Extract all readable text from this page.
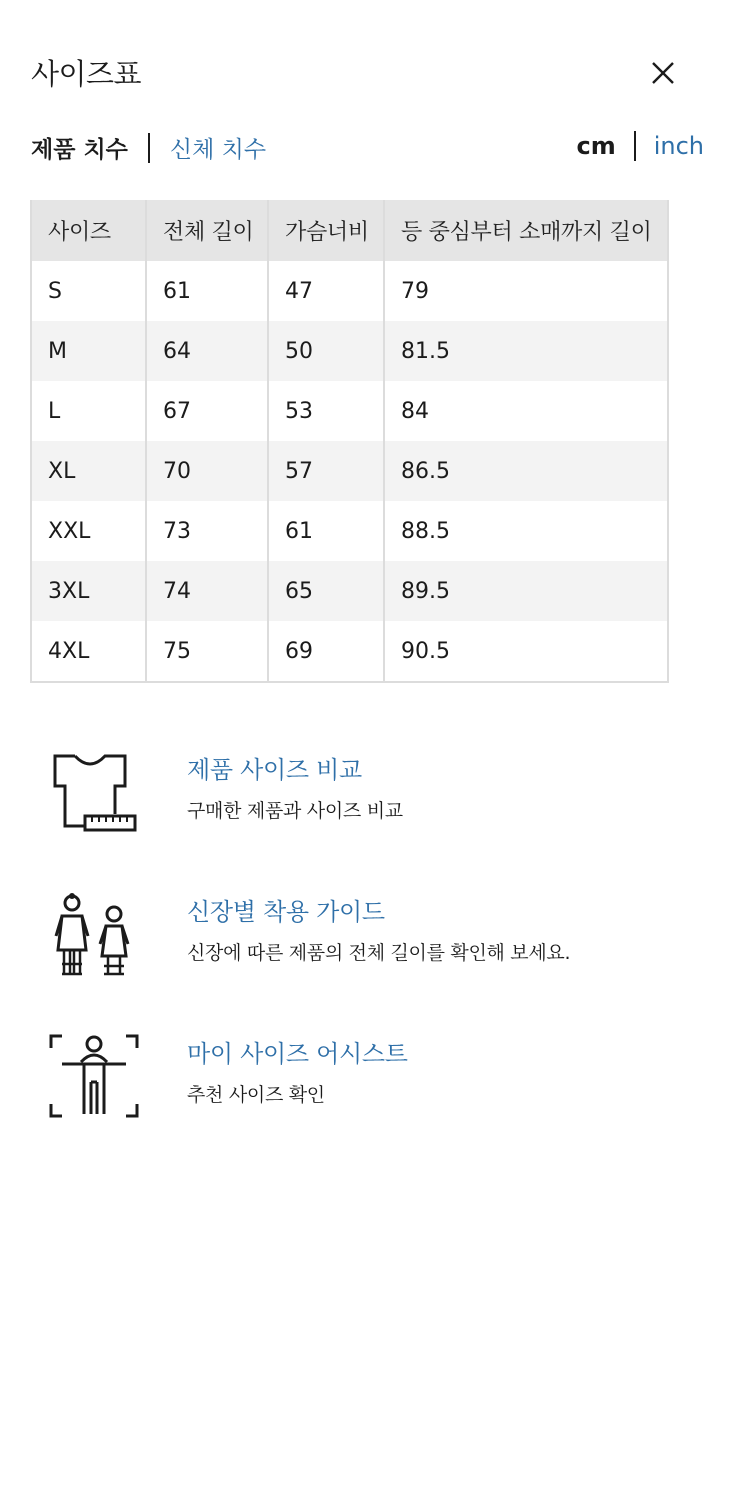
사이즈표
제품 치수 신체 치수	cm inch
사이즈	전체 길이	가슴너비	등 중심부터 소매까지 길이
S	61	47	79
M	64	50	81.5
L	67	53	84
XL	70	57	86.5
XXL	73	61	88.5
3XL	74	65	89.5
4XL	75	69	90.5
제품 사이즈 비교
구매한 제품과 사이즈 비교
신장별 착용 가이드
신장에 따른 제품의 전체 길이를 확인해 보세요.
마이 사이즈 어시스트
추천 사이즈 확인
